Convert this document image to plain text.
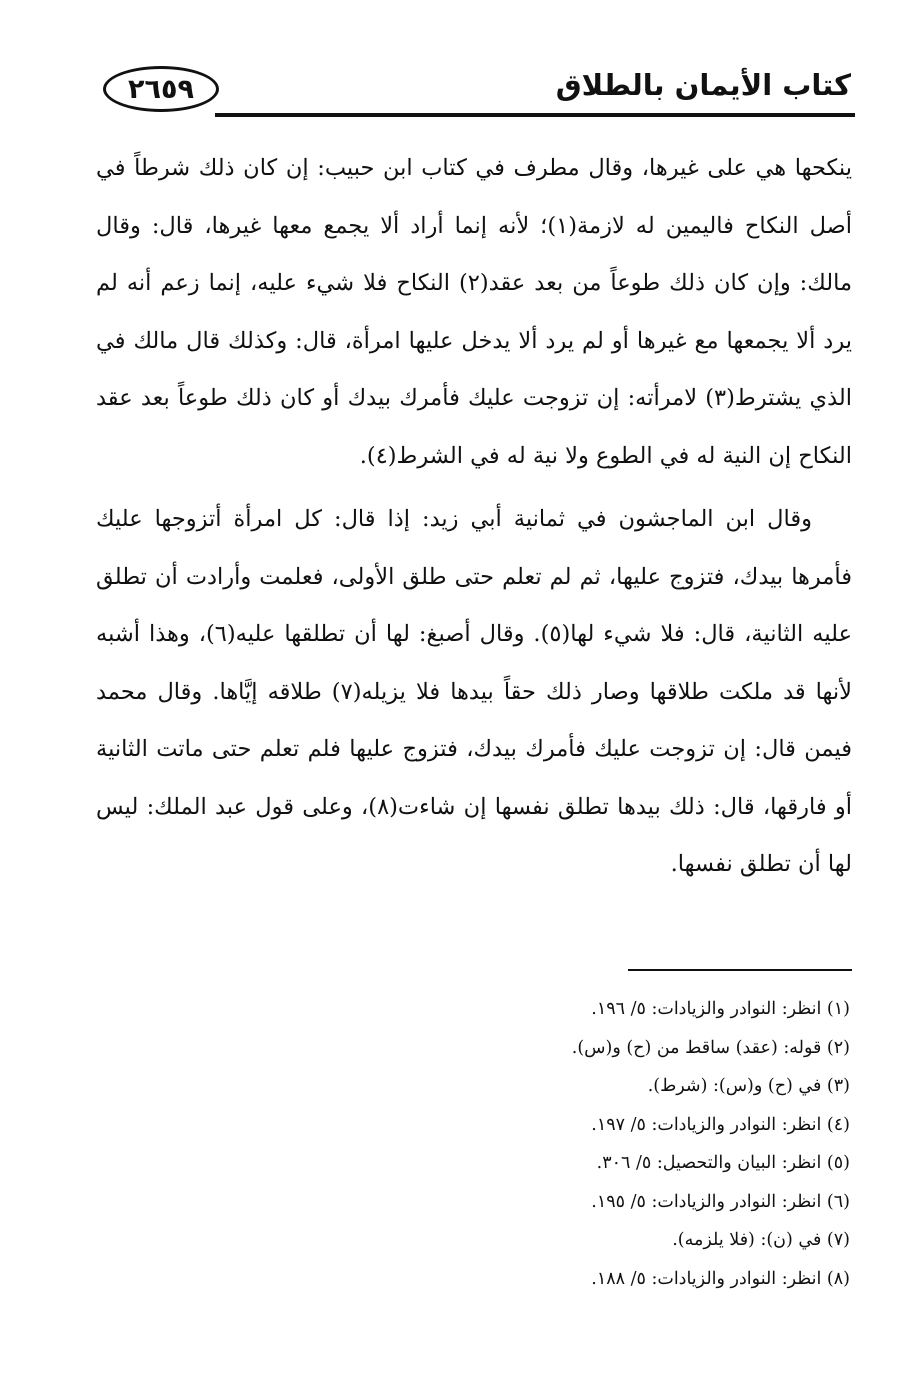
٢٦٥٩	كتاب الأيمان بالطلاق

ينكحها هي على غيرها، وقال مطرف في كتاب ابن حبيب: إن كان ذلك شرطاً في أصل النكاح فاليمين له لازمة(١)؛ لأنه إنما أراد ألا يجمع معها غيرها، قال: وقال مالك: وإن كان ذلك طوعاً من بعد عقد(٢) النكاح فلا شيء عليه، إنما زعم أنه لم يرد ألا يجمعها مع غيرها أو لم يرد ألا يدخل عليها امرأة، قال: وكذلك قال مالك في الذي يشترط(٣) لامرأته: إن تزوجت عليك فأمرك بيدك أو كان ذلك طوعاً بعد عقد النكاح إن النية له في الطوع ولا نية له في الشرط(٤).

وقال ابن الماجشون في ثمانية أبي زيد: إذا قال: كل امرأة أتزوجها عليك فأمرها بيدك، فتزوج عليها، ثم لم تعلم حتى طلق الأولى، فعلمت وأرادت أن تطلق عليه الثانية، قال: فلا شيء لها(٥). وقال أصبغ: لها أن تطلقها عليه(٦)، وهذا أشبه لأنها قد ملكت طلاقها وصار ذلك حقاً بيدها فلا يزيله(٧) طلاقه إيَّاها. وقال محمد فيمن قال: إن تزوجت عليك فأمرك بيدك، فتزوج عليها فلم تعلم حتى ماتت الثانية أو فارقها، قال: ذلك بيدها تطلق نفسها إن شاءت(٨)، وعلى قول عبد الملك: ليس لها أن تطلق نفسها.

(١) انظر: النوادر والزيادات: ٥/ ١٩٦.
(٢) قوله: (عقد) ساقط من (ح) و(س).
(٣) في (ح) و(س): (شرط).
(٤) انظر: النوادر والزيادات: ٥/ ١٩٧.
(٥) انظر: البيان والتحصيل: ٥/ ٣٠٦.
(٦) انظر: النوادر والزيادات: ٥/ ١٩٥.
(٧) في (ن): (فلا يلزمه).
(٨) انظر: النوادر والزيادات: ٥/ ١٨٨.
